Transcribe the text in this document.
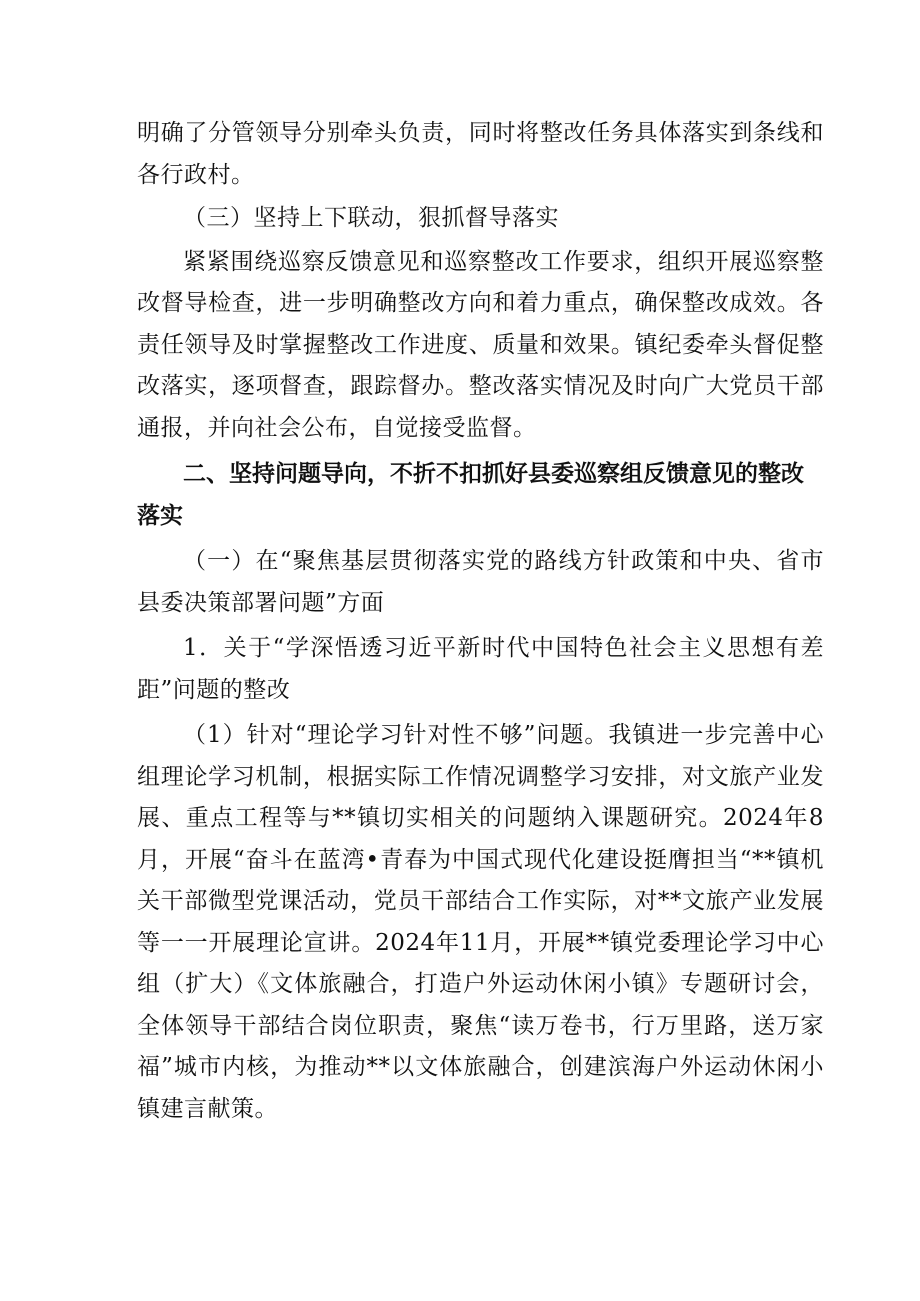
明确了分管领导分别牵头负责，同时将整改任务具体落实到条线和各行政村。

（三）坚持上下联动，狠抓督导落实

紧紧围绕巡察反馈意见和巡察整改工作要求，组织开展巡察整改督导检查，进一步明确整改方向和着力重点，确保整改成效。各责任领导及时掌握整改工作进度、质量和效果。镇纪委牵头督促整改落实，逐项督查，跟踪督办。整改落实情况及时向广大党员干部通报，并向社会公布，自觉接受监督。

二、坚持问题导向，不折不扣抓好县委巡察组反馈意见的整改落实

（一）在“聚焦基层贯彻落实党的路线方针政策和中央、省市县委决策部署问题”方面

1．关于“学深悟透习近平新时代中国特色社会主义思想有差距”问题的整改

（1）针对“理论学习针对性不够”问题。我镇进一步完善中心组理论学习机制，根据实际工作情况调整学习安排，对文旅产业发展、重点工程等与**镇切实相关的问题纳入课题研究。2024年8月，开展“奋斗在蓝湾•青春为中国式现代化建设挺膺担当“**镇机关干部微型党课活动，党员干部结合工作实际，对**文旅产业发展等一一开展理论宣讲。2024年11月，开展**镇党委理论学习中心组（扩大）《文体旅融合，打造户外运动休闲小镇》专题研讨会，全体领导干部结合岗位职责，聚焦“读万卷书，行万里路，送万家福”城市内核，为推动**以文体旅融合，创建滨海户外运动休闲小镇建言献策。
